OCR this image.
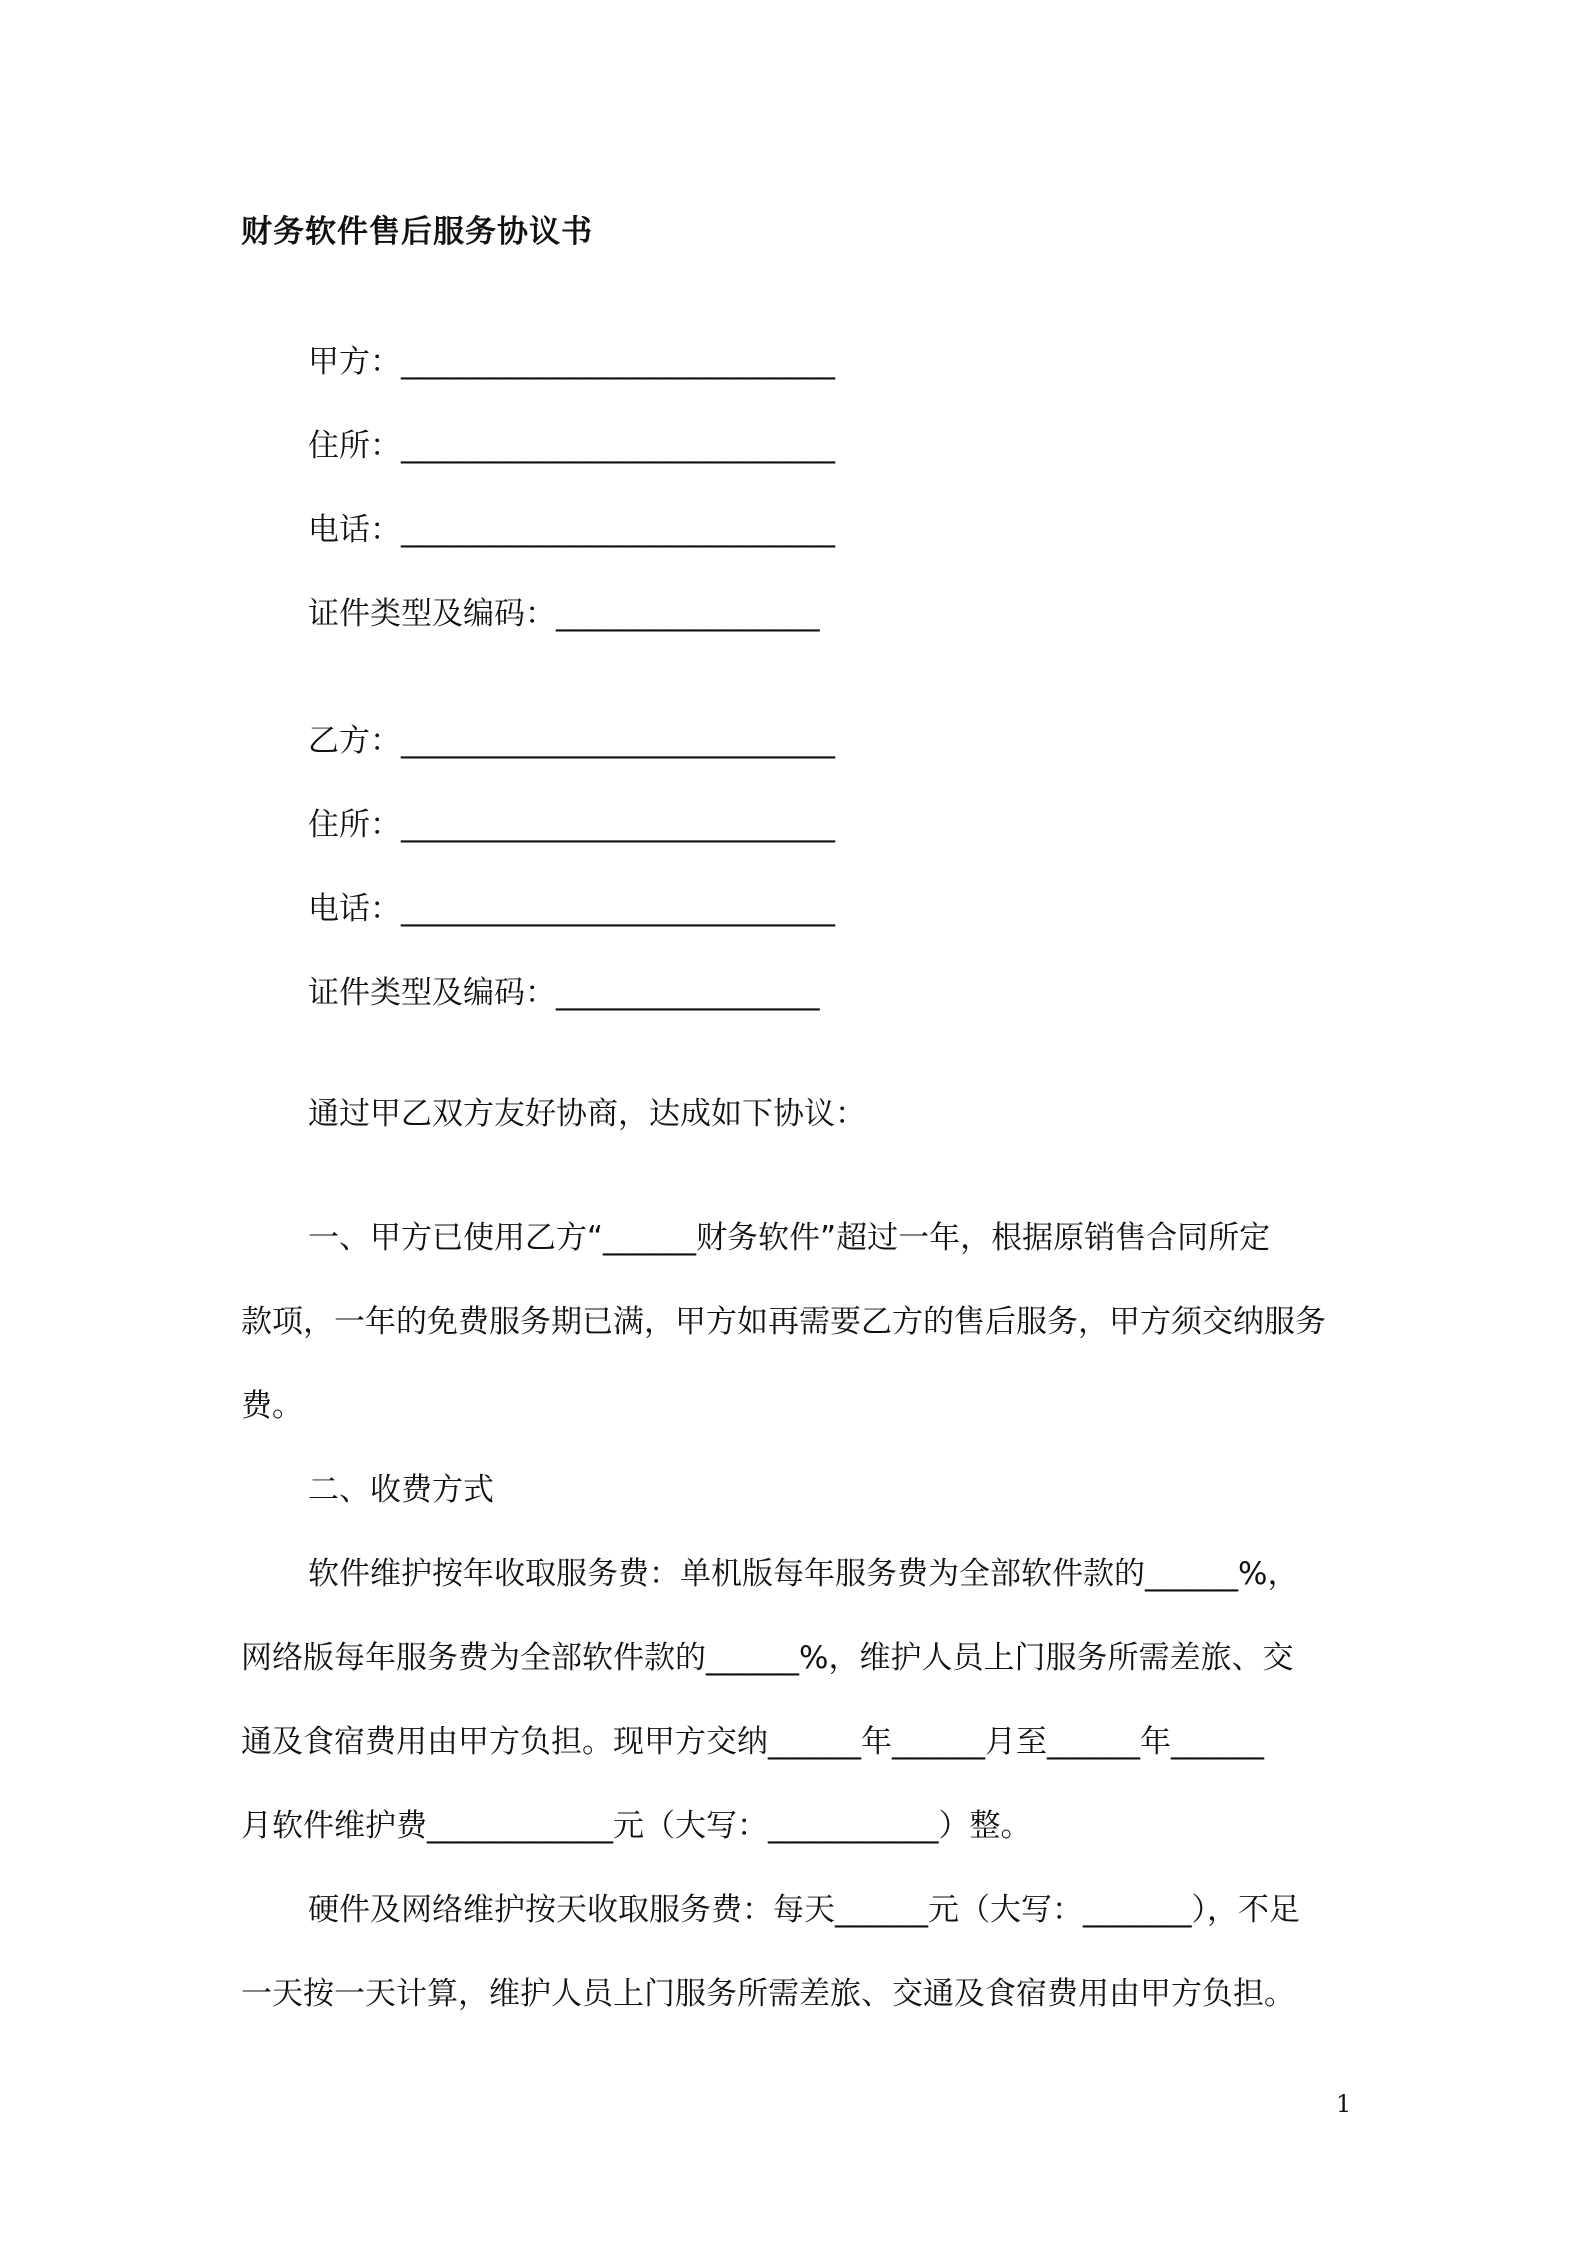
财务软件售后服务协议书
甲方：____________________________
住所：____________________________
电话：____________________________
证件类型及编码：_________________
乙方：____________________________
住所：____________________________
电话：____________________________
证件类型及编码：_________________
通过甲乙双方友好协商，达成如下协议：
一、甲方已使用乙方“______财务软件”超过一年，根据原销售合同所定
款项，一年的免费服务期已满，甲方如再需要乙方的售后服务，甲方须交纳服务
费。
二、收费方式
软件维护按年收取服务费：单机版每年服务费为全部软件款的______%，
网络版每年服务费为全部软件款的______%，维护人员上门服务所需差旅、交
通及食宿费用由甲方负担。现甲方交纳______年______月至______年______
月软件维护费____________元（大写：___________）整。
硬件及网络维护按天收取服务费：每天______元（大写：_______），不足
一天按一天计算，维护人员上门服务所需差旅、交通及食宿费用由甲方负担。
1
